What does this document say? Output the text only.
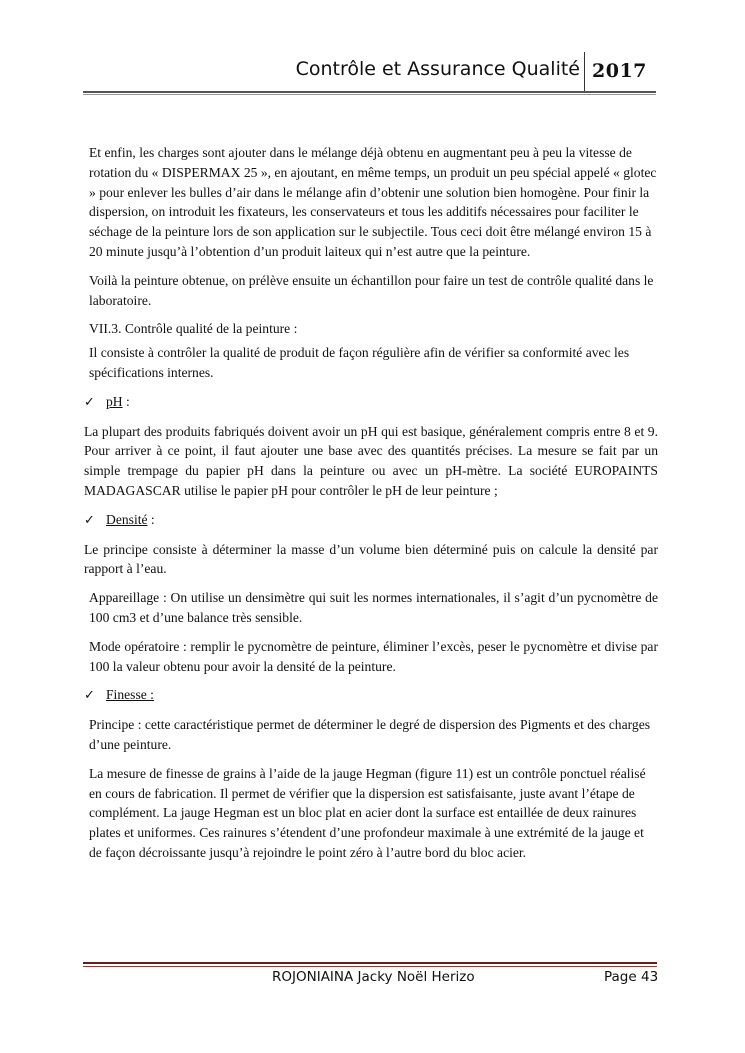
Contrôle et Assurance Qualité 2017

Et enfin, les charges sont ajouter dans le mélange déjà obtenu en augmentant peu à peu la vitesse de rotation du « DISPERMAX 25 », en ajoutant, en même temps, un produit un peu spécial appelé « glotec » pour enlever les bulles d’air dans le mélange afin d’obtenir une solution bien homogène. Pour finir la dispersion, on introduit les fixateurs, les conservateurs et tous les additifs nécessaires pour faciliter le séchage de la peinture lors de son application sur le subjectile. Tous ceci doit être mélangé environ 15 à 20 minute jusqu’à l’obtention d’un produit laiteux qui n’est autre que la peinture.

Voilà la peinture obtenue, on prélève ensuite un échantillon pour faire un test de contrôle qualité dans le laboratoire.

VII.3. Contrôle qualité de la peinture :

Il consiste à contrôler la qualité de produit de façon régulière afin de vérifier sa conformité avec les spécifications internes.

✓ pH :

La plupart des produits fabriqués doivent avoir un pH qui est basique, généralement compris entre 8 et 9. Pour arriver à ce point, il faut ajouter une base avec des quantités précises. La mesure se fait par un simple trempage du papier pH dans la peinture ou avec un pH-mètre. La société EUROPAINTS MADAGASCAR utilise le papier pH pour contrôler le pH de leur peinture ;

✓ Densité :

Le principe consiste à déterminer la masse d’un volume bien déterminé puis on calcule la densité par rapport à l’eau.

Appareillage : On utilise un densimètre qui suit les normes internationales, il s’agit d’un pycnomètre de 100 cm3 et d’une balance très sensible.

Mode opératoire : remplir le pycnomètre de peinture, éliminer l’excès, peser le pycnomètre et divise par 100 la valeur obtenu pour avoir la densité de la peinture.

✓ Finesse :

Principe : cette caractéristique permet de déterminer le degré de dispersion des Pigments et des charges d’une peinture.

La mesure de finesse de grains à l’aide de la jauge Hegman (figure 11) est un contrôle ponctuel réalisé en cours de fabrication. Il permet de vérifier que la dispersion est satisfaisante, juste avant l’étape de complément. La jauge Hegman est un bloc plat en acier dont la surface est entaillée de deux rainures plates et uniformes. Ces rainures s’étendent d’une profondeur maximale à une extrémité de la jauge et de façon décroissante jusqu’à rejoindre le point zéro à l’autre bord du bloc acier.

ROJONIAINA Jacky Noël Herizo	Page 43
